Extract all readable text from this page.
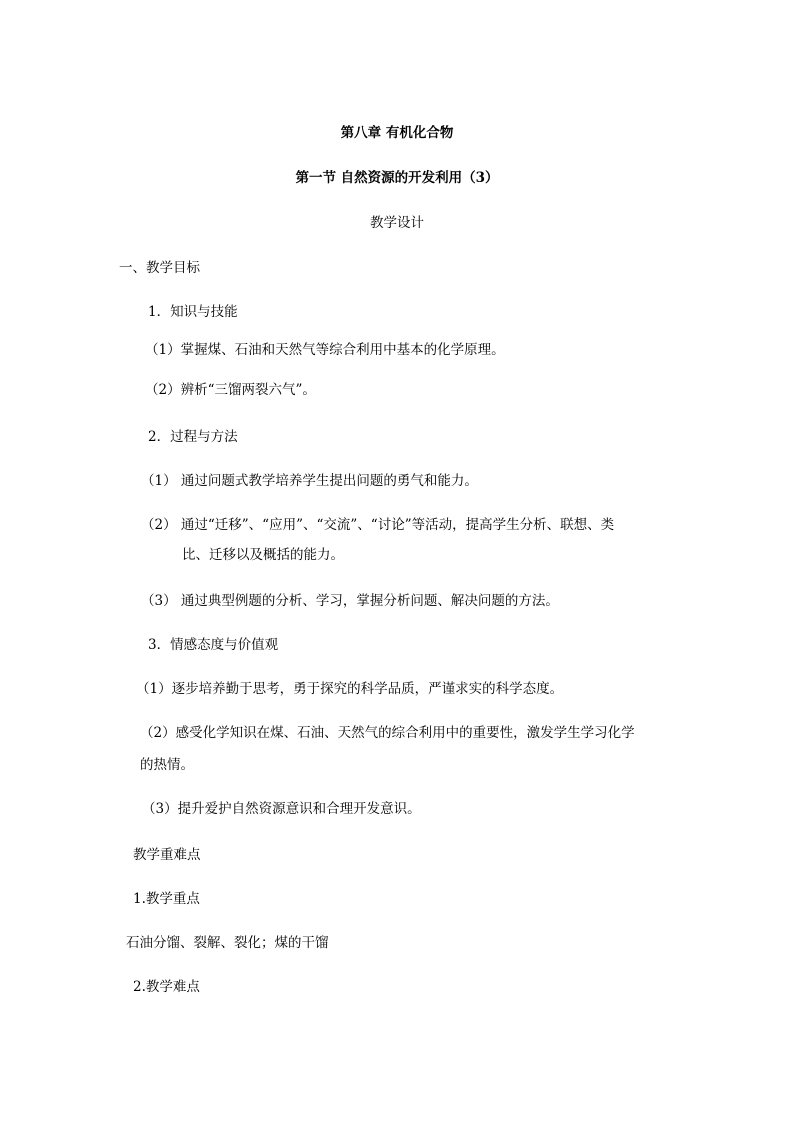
第八章 有机化合物
第一节 自然资源的开发利用（3）
教学设计
一、教学目标
1．知识与技能
（1）掌握煤、石油和天然气等综合利用中基本的化学原理。
（2）辨析“三馏两裂六气”。
2．过程与方法
（1） 通过问题式教学培养学生提出问题的勇气和能力。
（2） 通过“迁移”、“应用”、“交流”、“讨论”等活动，提高学生分析、联想、类
比、迁移以及概括的能力。
（3） 通过典型例题的分析、学习，掌握分析问题、解决问题的方法。
3．情感态度与价值观
（1）逐步培养勤于思考，勇于探究的科学品质，严谨求实的科学态度。
（2）感受化学知识在煤、石油、天然气的综合利用中的重要性，激发学生学习化学
的热情。
（3）提升爱护自然资源意识和合理开发意识。
教学重难点
1.教学重点
石油分馏、裂解、裂化；煤的干馏
2.教学难点
